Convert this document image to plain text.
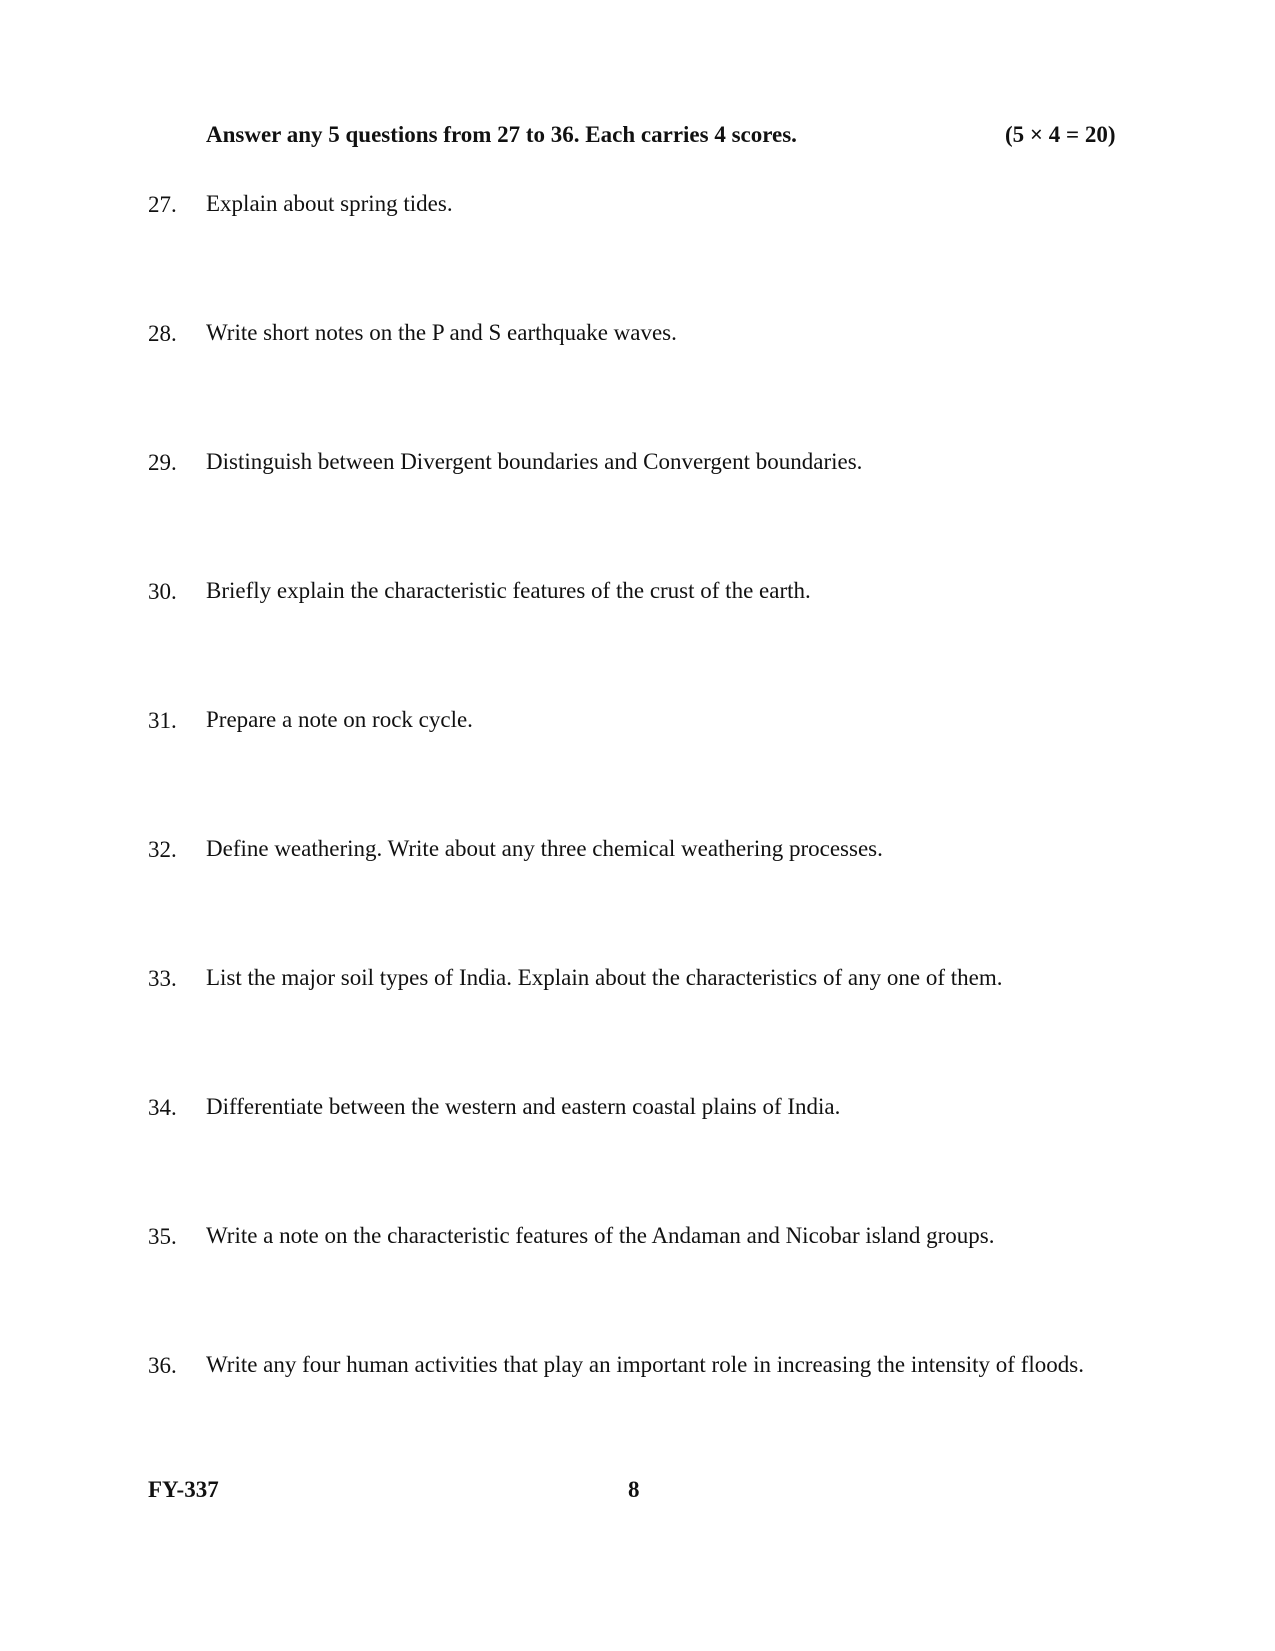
Answer any 5 questions from 27 to 36. Each carries 4 scores.	(5 × 4 = 20)
27.	Explain about spring tides.
28.	Write short notes on the P and S earthquake waves.
29.	Distinguish between Divergent boundaries and Convergent boundaries.
30.	Briefly explain the characteristic features of the crust of the earth.
31.	Prepare a note on rock cycle.
32.	Define weathering. Write about any three chemical weathering processes.
33.	List the major soil types of India. Explain about the characteristics of any one of them.
34.	Differentiate between the western and eastern coastal plains of India.
35.	Write a note on the characteristic features of the Andaman and Nicobar island groups.
36.	Write any four human activities that play an important role in increasing the intensity of floods.
FY-337	8
